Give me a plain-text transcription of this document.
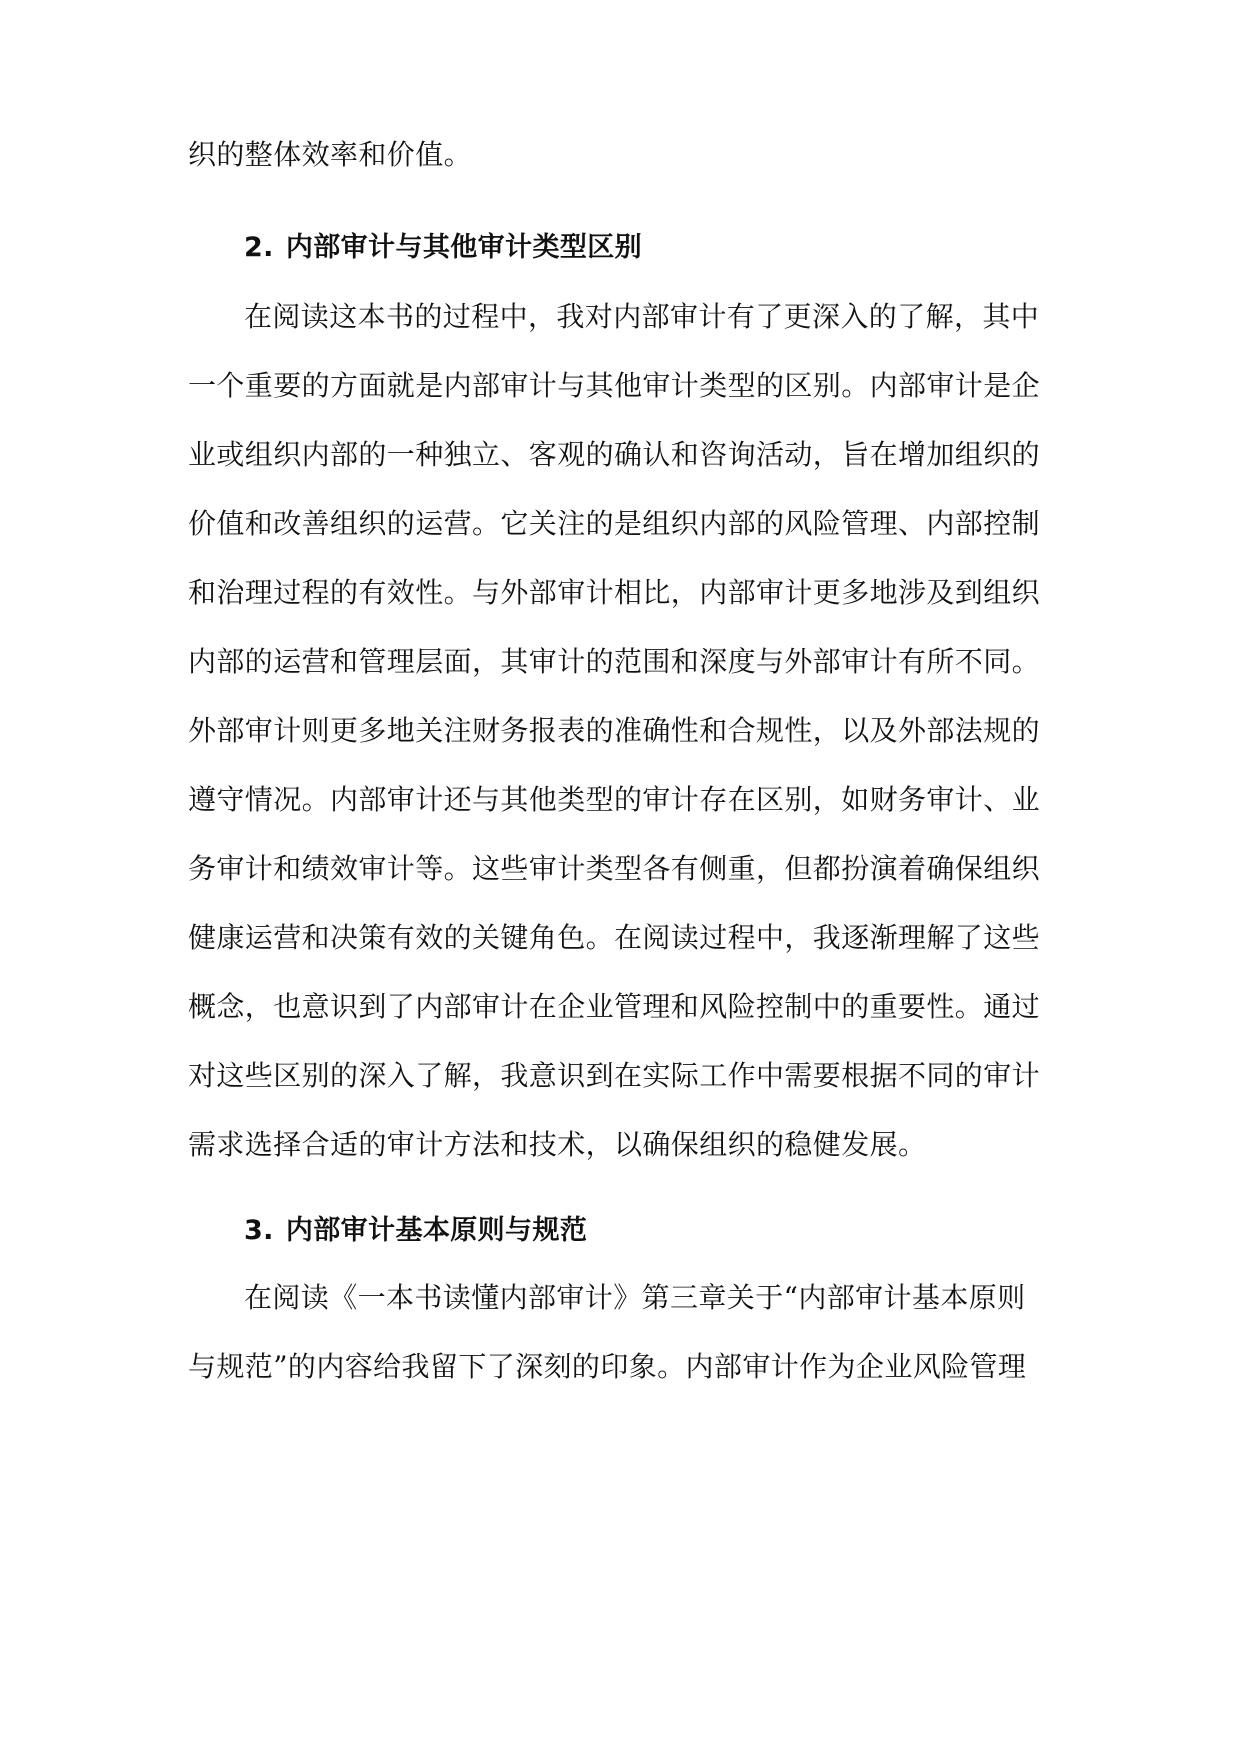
织的整体效率和价值。
2. 内部审计与其他审计类型区别
在阅读这本书的过程中，我对内部审计有了更深入的了解，其中
一个重要的方面就是内部审计与其他审计类型的区别。内部审计是企
业或组织内部的一种独立、客观的确认和咨询活动，旨在增加组织的
价值和改善组织的运营。它关注的是组织内部的风险管理、内部控制
和治理过程的有效性。与外部审计相比，内部审计更多地涉及到组织
内部的运营和管理层面，其审计的范围和深度与外部审计有所不同。
外部审计则更多地关注财务报表的准确性和合规性，以及外部法规的
遵守情况。内部审计还与其他类型的审计存在区别，如财务审计、业
务审计和绩效审计等。这些审计类型各有侧重，但都扮演着确保组织
健康运营和决策有效的关键角色。在阅读过程中，我逐渐理解了这些
概念，也意识到了内部审计在企业管理和风险控制中的重要性。通过
对这些区别的深入了解，我意识到在实际工作中需要根据不同的审计
需求选择合适的审计方法和技术，以确保组织的稳健发展。
3. 内部审计基本原则与规范
在阅读《一本书读懂内部审计》第三章关于“内部审计基本原则
与规范”的内容给我留下了深刻的印象。内部审计作为企业风险管理
